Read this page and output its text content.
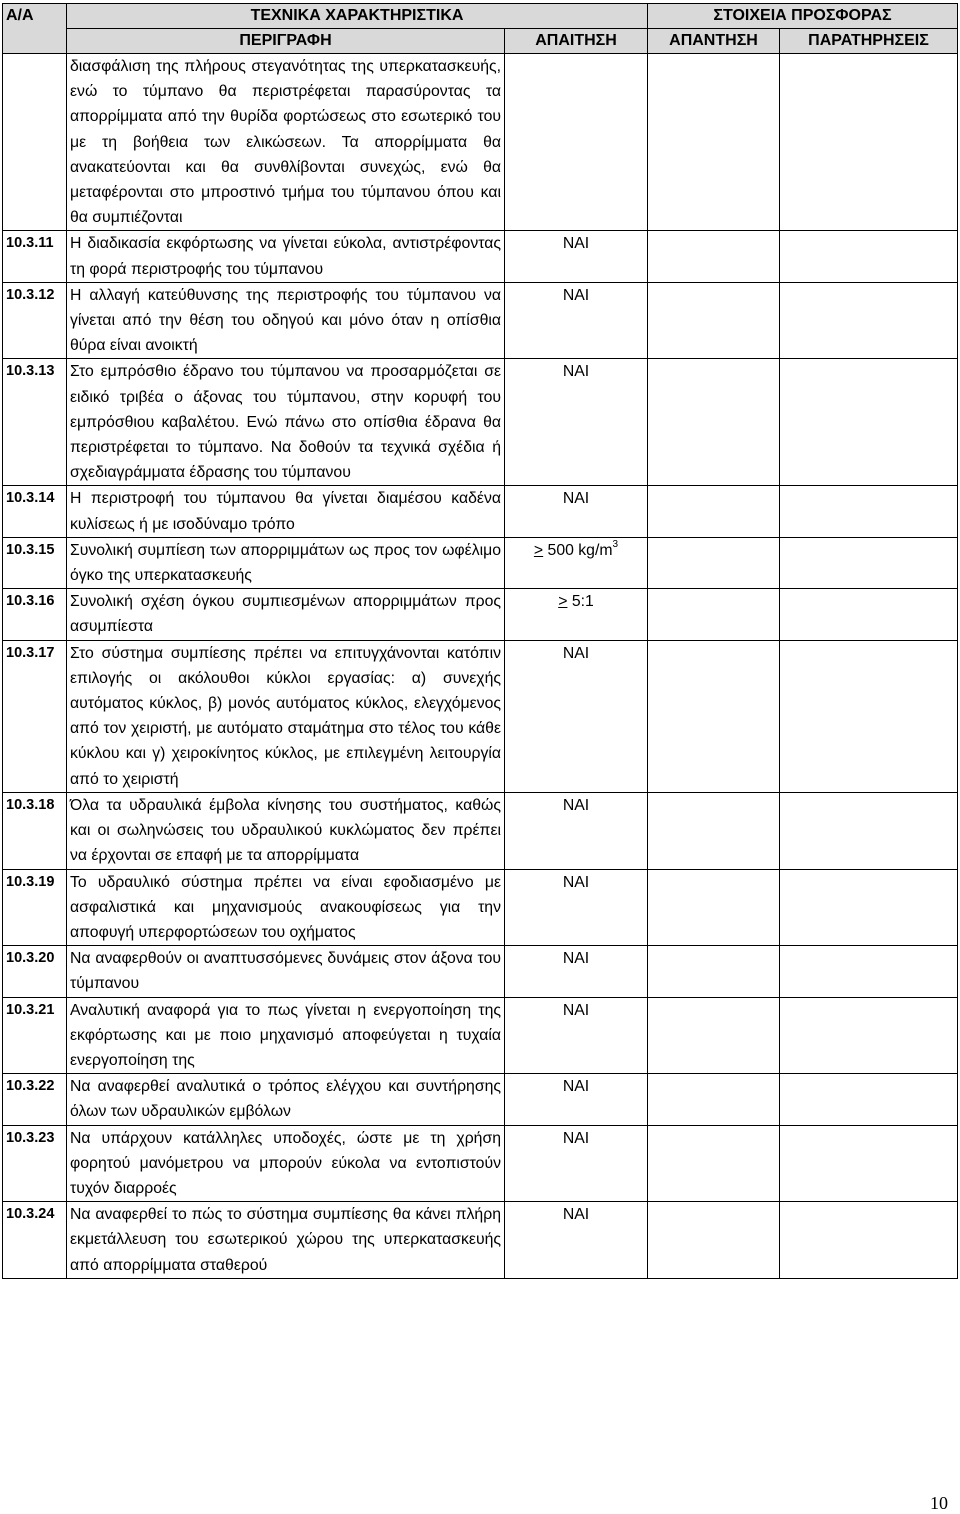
Α/Α	ΤΕΧΝΙΚΑ ΧΑΡΑΚΤΗΡΙΣΤΙΚΑ		ΣΤΟΙΧΕΙΑ ΠΡΟΣΦΟΡΑΣ	
	ΠΕΡΙΓΡΑΦΗ	ΑΠΑΙΤΗΣΗ	ΑΠΑΝΤΗΣΗ	ΠΑΡΑΤΗΡΗΣΕΙΣ
	διασφάλιση της πλήρους στεγανότητας της υπερκατασκευής, ενώ το τύμπανο θα περιστρέφεται παρασύροντας τα απορρίμματα από την θυρίδα φορτώσεως στο εσωτερικό του με τη βοήθεια των ελικώσεων. Τα απορρίμματα θα ανακατεύονται και θα συνθλίβονται συνεχώς, ενώ θα μεταφέρονται στο μπροστινό τμήμα του τύμπανου όπου και θα συμπιέζονται			
10.3.11	Η διαδικασία εκφόρτωσης να γίνεται εύκολα, αντιστρέφοντας τη φορά περιστροφής του τύμπανου	ΝΑΙ		
10.3.12	Η αλλαγή κατεύθυνσης της περιστροφής του τύμπανου να γίνεται από την θέση του οδηγού και μόνο όταν η οπίσθια θύρα είναι ανοικτή	ΝΑΙ		
10.3.13	Στο εμπρόσθιο έδρανο του τύμπανου να προσαρμόζεται σε ειδικό τριβέα ο άξονας του τύμπανου, στην κορυφή του εμπρόσθιου καβαλέτου. Ενώ πάνω στο οπίσθια έδρανα θα περιστρέφεται το τύμπανο. Να δοθούν τα τεχνικά σχέδια ή σχεδιαγράμματα έδρασης του τύμπανου	ΝΑΙ		
10.3.14	Η περιστροφή του τύμπανου θα γίνεται διαμέσου καδένα κυλίσεως ή με ισοδύναμο τρόπο	ΝΑΙ		
10.3.15	Συνολική συμπίεση των απορριμμάτων ως προς τον ωφέλιμο όγκο της υπερκατασκευής	≥ 500 $kg/m^3$		
10.3.16	Συνολική σχέση όγκου συμπιεσμένων απορριμμάτων προς ασυμπίεστα	≥ 5:1		
10.3.17	Στο σύστημα συμπίεσης πρέπει να επιτυγχάνονται κατόπιν επιλογής οι ακόλουθοι κύκλοι εργασίας: α) συνεχής αυτόματος κύκλος, β) μονός αυτόματος κύκλος, ελεγχόμενος από τον χειριστή, με αυτόματο σταμάτημα στο τέλος του κάθε κύκλου και γ) χειροκίνητος κύκλος, με επιλεγμένη λειτουργία από το χειριστή	ΝΑΙ		
10.3.18	Όλα τα υδραυλικά έμβολα κίνησης του συστήματος, καθώς και οι σωληνώσεις του υδραυλικού κυκλώματος δεν πρέπει να έρχονται σε επαφή με τα απορρίμματα	ΝΑΙ		
10.3.19	Το υδραυλικό σύστημα πρέπει να είναι εφοδιασμένο με ασφαλιστικά και μηχανισμούς ανακουφίσεως για την αποφυγή υπερφορτώσεων του οχήματος	ΝΑΙ		
10.3.20	Να αναφερθούν οι αναπτυσσόμενες δυνάμεις στον άξονα του τύμπανου	ΝΑΙ		
10.3.21	Αναλυτική αναφορά για το πως γίνεται η ενεργοποίηση της εκφόρτωσης και με ποιο μηχανισμό αποφεύγεται η τυχαία ενεργοποίηση της	ΝΑΙ		
10.3.22	Να αναφερθεί αναλυτικά ο τρόπος ελέγχου και συντήρησης όλων των υδραυλικών εμβόλων	ΝΑΙ		
10.3.23	Να υπάρχουν κατάλληλες υποδοχές, ώστε με τη χρήση φορητού μανόμετρου να μπορούν εύκολα να εντοπιστούν τυχόν διαρροές	ΝΑΙ		
10.3.24	Να αναφερθεί το πώς το σύστημα συμπίεσης θα κάνει πλήρη εκμετάλλευση του εσωτερικού χώρου της υπερκατασκευής από απορρίμματα σταθερού	ΝΑΙ		
10
